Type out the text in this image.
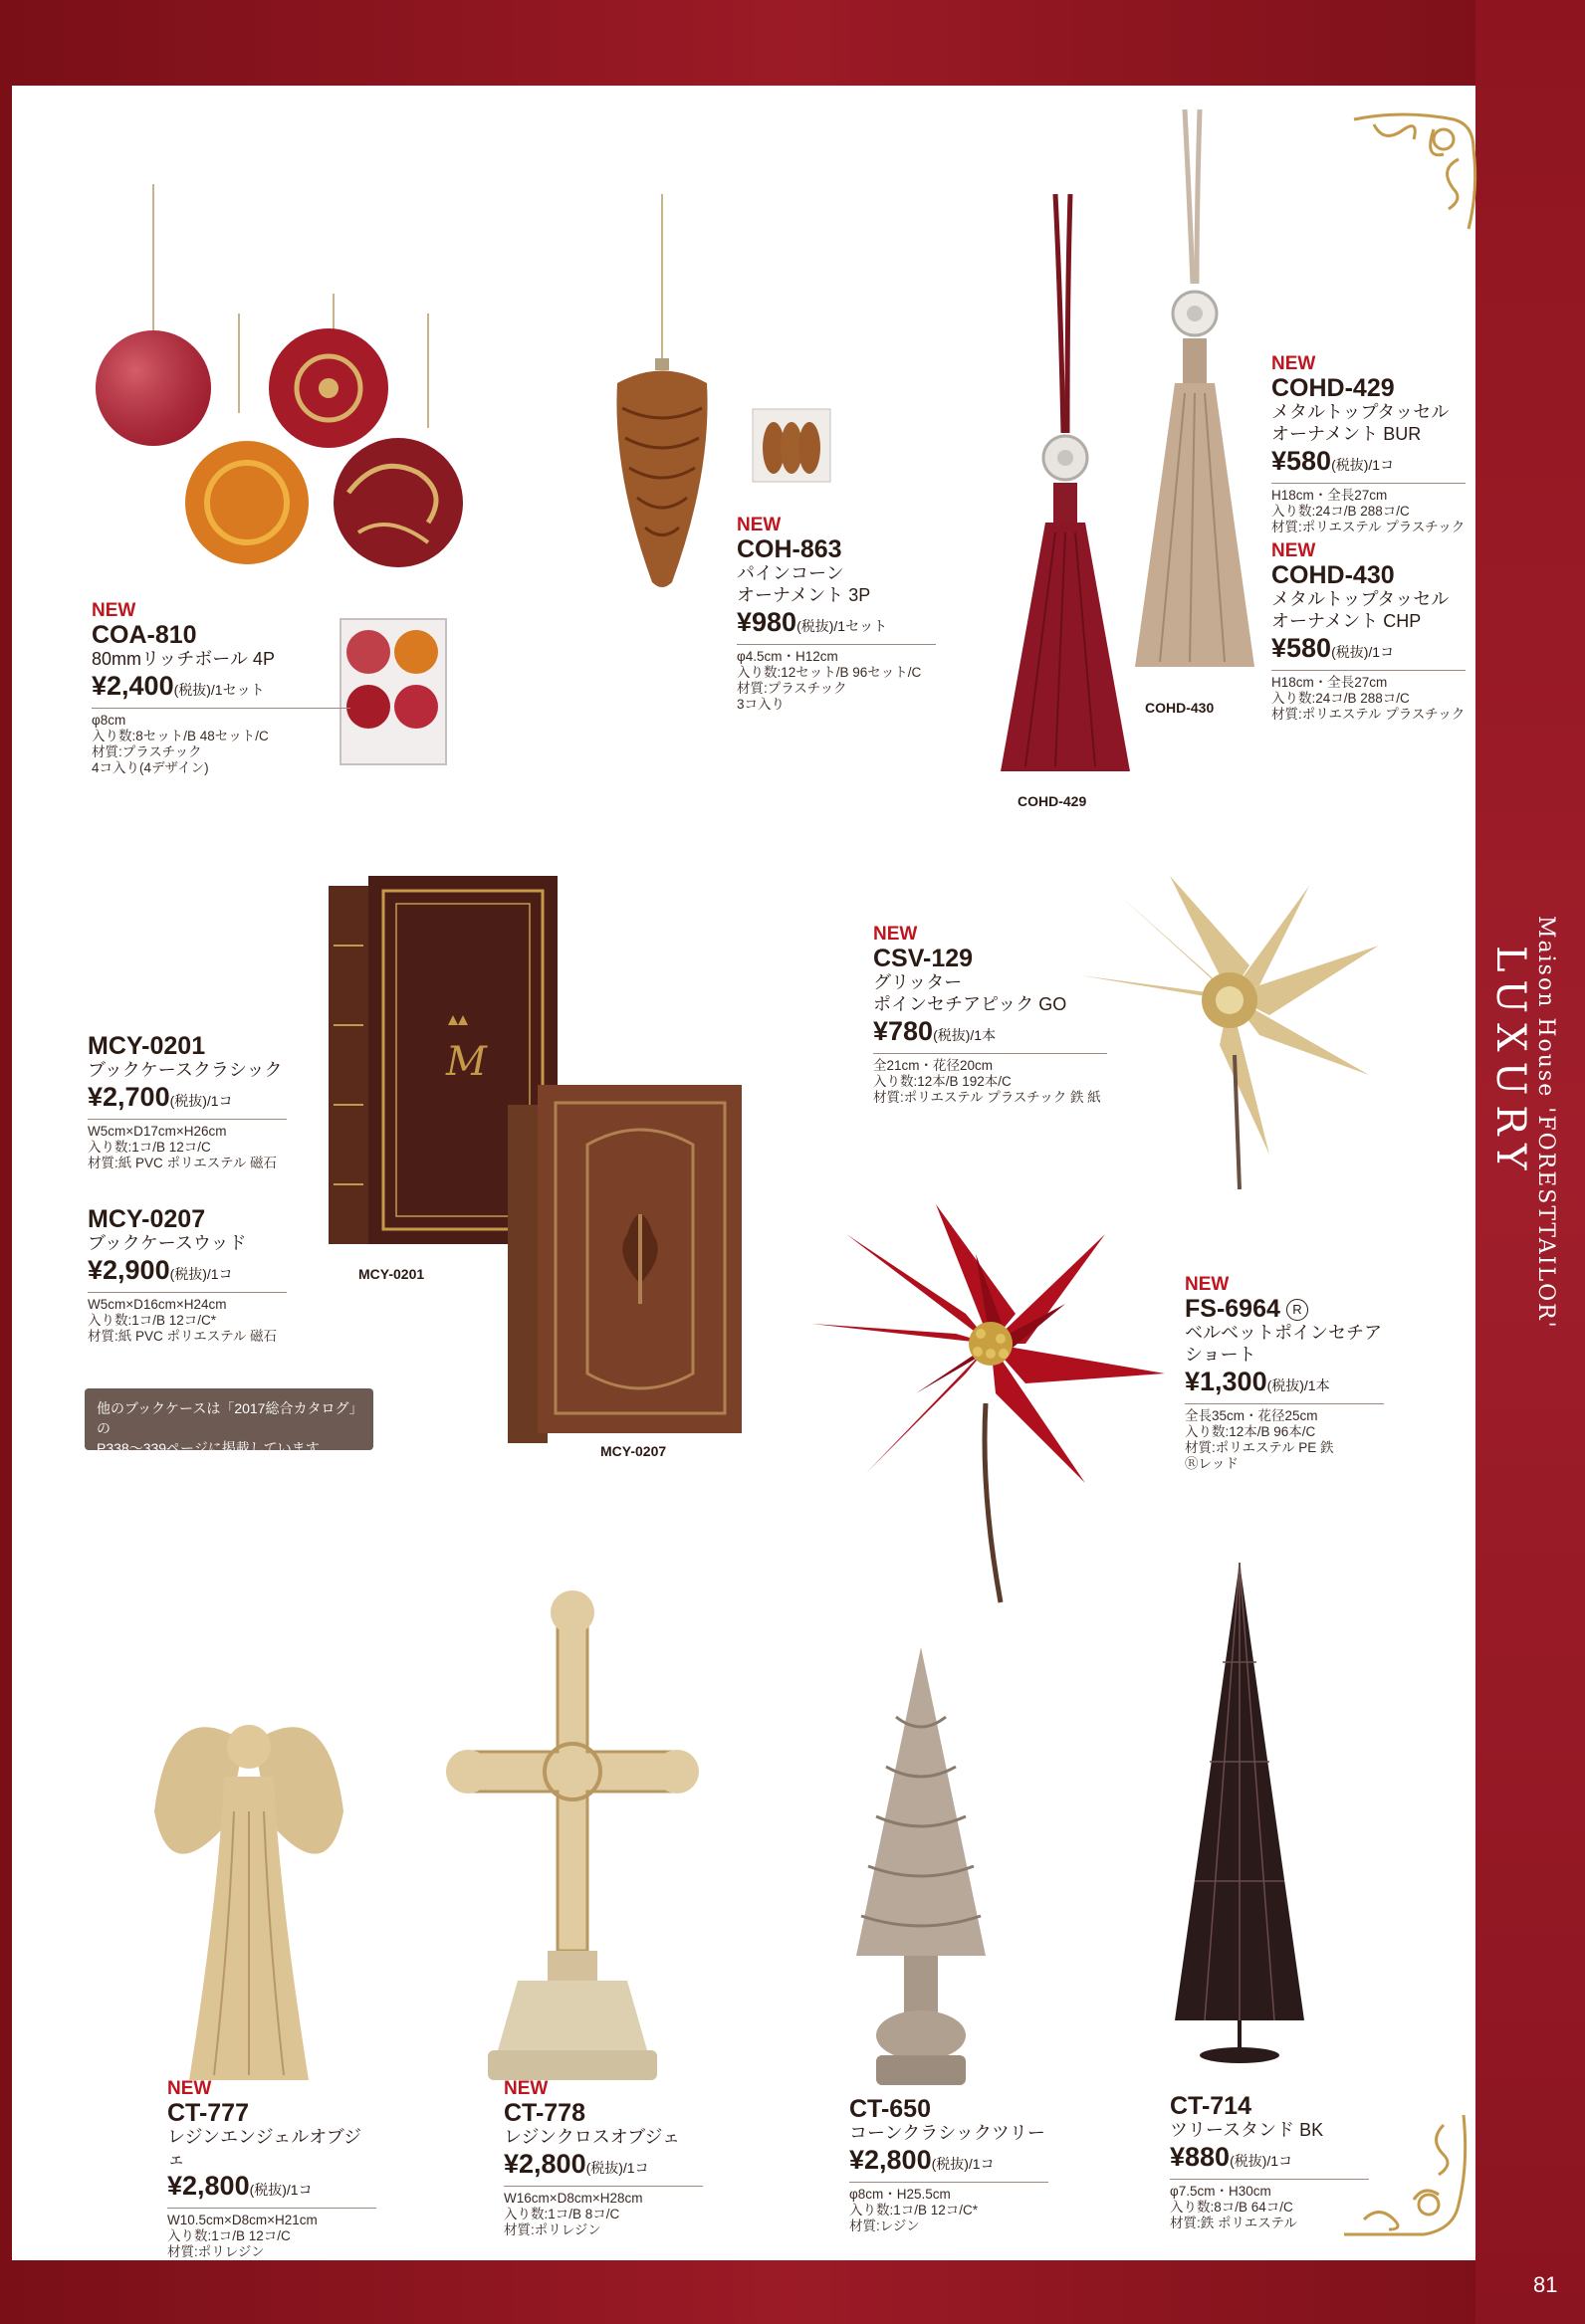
Maison House 'FORESTTAILOR'
LUXURY
81
COHD-429
COHD-430
M
MCY-0201
MCY-0207
他のブックケースは「2017総合カタログ」の
P338～339ページに掲載しています。
NEW
COA-810
80mmリッチボール 4P
¥2,400(税抜)/1セット
φ8cm
入り数:8セット/B 48セット/C
材質:プラスチック
4コ入り(4デザイン)
NEW
COH-863
パインコーン
オーナメント 3P
¥980(税抜)/1セット
φ4.5cm・H12cm
入り数:12セット/B 96セット/C
材質:プラスチック
3コ入り
NEW
COHD-429
メタルトップタッセル
オーナメント BUR
¥580(税抜)/1コ
H18cm・全長27cm
入り数:24コ/B 288コ/C
材質:ポリエステル プラスチック
NEW
COHD-430
メタルトップタッセル
オーナメント CHP
¥580(税抜)/1コ
H18cm・全長27cm
入り数:24コ/B 288コ/C
材質:ポリエステル プラスチック
MCY-0201
ブックケースクラシック
¥2,700(税抜)/1コ
W5cm×D17cm×H26cm
入り数:1コ/B 12コ/C
材質:紙 PVC ポリエステル 磁石
MCY-0207
ブックケースウッド
¥2,900(税抜)/1コ
W5cm×D16cm×H24cm
入り数:1コ/B 12コ/C*
材質:紙 PVC ポリエステル 磁石
NEW
CSV-129
グリッター
ポインセチアピック GO
¥780(税抜)/1本
全21cm・花径20cm
入り数:12本/B 192本/C
材質:ポリエステル プラスチック 鉄 紙
NEW
FS-6964 R
ベルベットポインセチア
ショート
¥1,300(税抜)/1本
全長35cm・花径25cm
入り数:12本/B 96本/C
材質:ポリエステル PE 鉄
Ⓡレッド
NEW
CT-777
レジンエンジェルオブジェ
¥2,800(税抜)/1コ
W10.5cm×D8cm×H21cm
入り数:1コ/B 12コ/C
材質:ポリレジン
NEW
CT-778
レジンクロスオブジェ
¥2,800(税抜)/1コ
W16cm×D8cm×H28cm
入り数:1コ/B 8コ/C
材質:ポリレジン
CT-650
コーンクラシックツリー
¥2,800(税抜)/1コ
φ8cm・H25.5cm
入り数:1コ/B 12コ/C*
材質:レジン
CT-714
ツリースタンド BK
¥880(税抜)/1コ
φ7.5cm・H30cm
入り数:8コ/B 64コ/C
材質:鉄 ポリエステル
